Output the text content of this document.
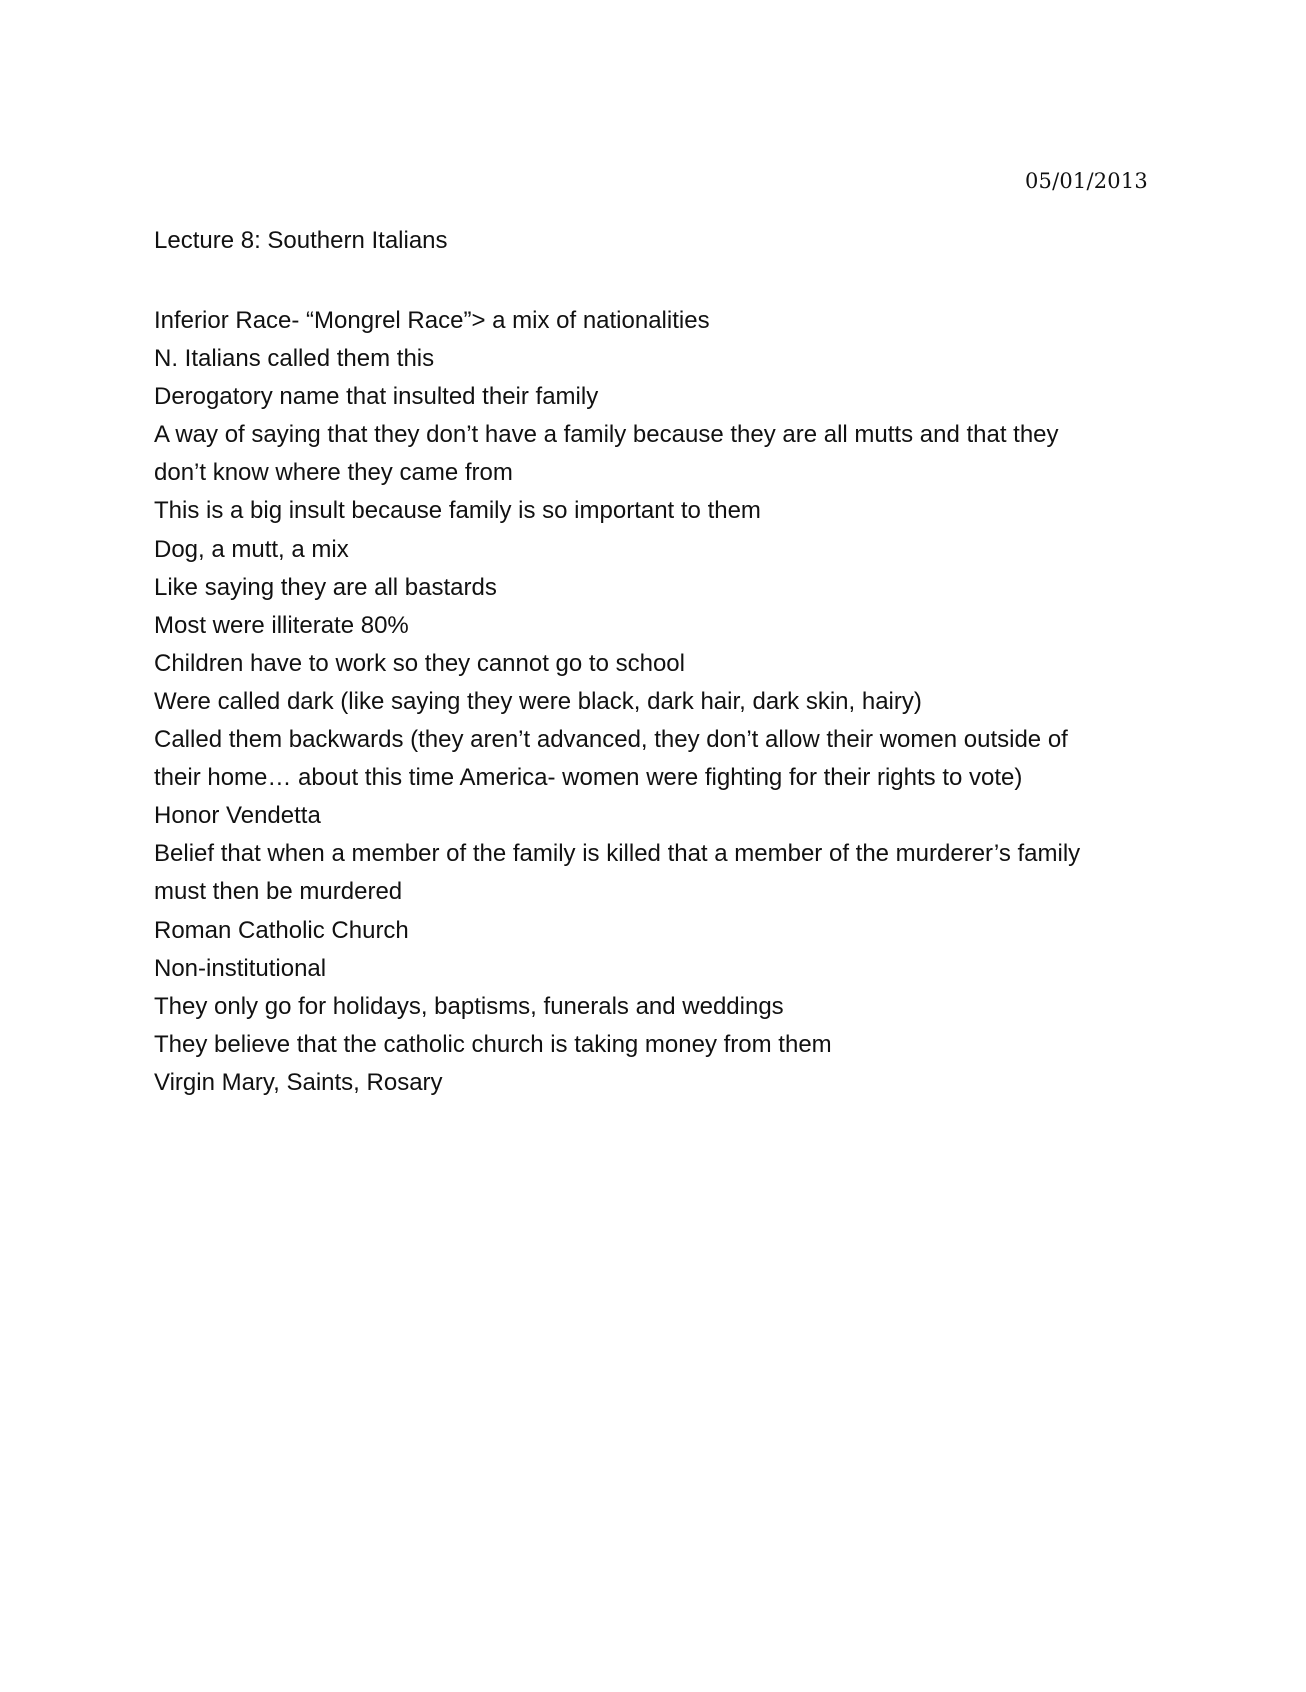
05/01/2013
Lecture 8: Southern Italians
Inferior Race- “Mongrel Race”> a mix of nationalities
N. Italians called them this
Derogatory name that insulted their family
A way of saying that they don’t have a family because they are all mutts and that they
don’t know where they came from
This is a big insult because family is so important to them
Dog, a mutt, a mix
Like saying they are all bastards
Most were illiterate 80%
Children have to work so they cannot go to school
Were called dark (like saying they were black, dark hair, dark skin, hairy)
Called them backwards (they aren’t advanced, they don’t allow their women outside of
their home… about this time America- women were fighting for their rights to vote)
Honor Vendetta
Belief that when a member of the family is killed that a member of the murderer’s family
must then be murdered
Roman Catholic Church
Non-institutional
They only go for holidays, baptisms, funerals and weddings
They believe that the catholic church is taking money from them
Virgin Mary, Saints, Rosary
